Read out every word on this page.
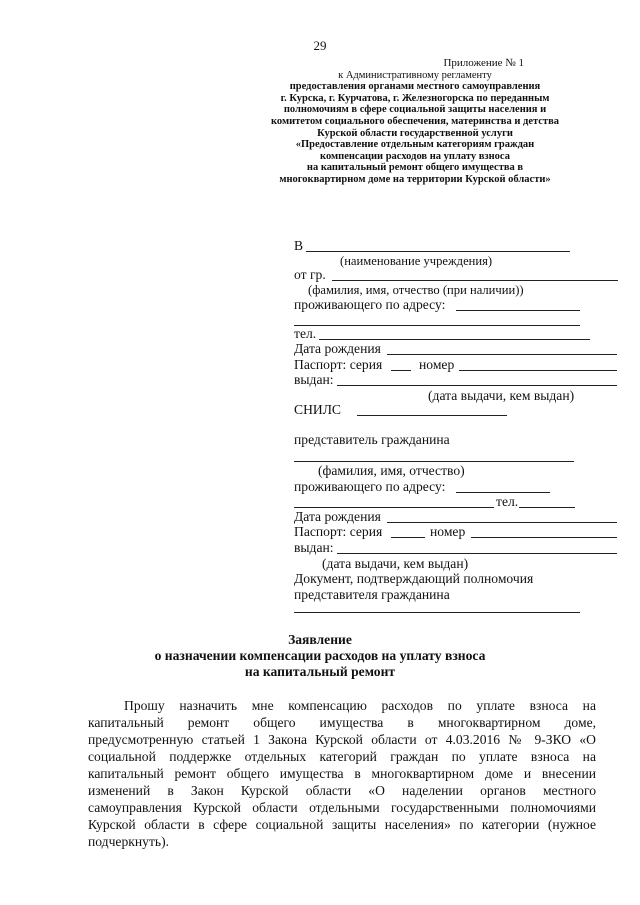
29
Приложение № 1
к Административному регламенту
предоставления органами местного самоуправления
г. Курска, г. Курчатова, г. Железногорска по переданным
полномочиям в сфере социальной защиты населения и
комитетом социального обеспечения, материнства и детства
Курской области государственной услуги
«Предоставление отдельным категориям граждан
компенсации расходов на уплату взноса
на капитальный ремонт общего имущества в
многоквартирном доме на территории Курской области»
В
(наименование учреждения)
от гр.
(фамилия, имя, отчество (при наличии))
проживающего по адресу:
тел.
Дата рождения
Паспорт: серия	номер
выдан:
(дата выдачи, кем выдан)
СНИЛС
представитель гражданина
(фамилия, имя, отчество)
проживающего по адресу:
тел.
Дата рождения
Паспорт: серия	номер
выдан:
(дата выдачи, кем выдан)
Документ, подтверждающий полномочия
представителя гражданина
Заявление
о назначении компенсации расходов на уплату взноса
на капитальный ремонт
Прошу назначить мне компенсацию расходов по уплате взноса на
капитальный ремонт общего имущества в многоквартирном доме,
предусмотренную статьей 1 Закона Курской области от 4.03.2016 № 9-ЗКО «О
социальной поддержке отдельных категорий граждан по уплате взноса на
капитальный ремонт общего имущества в многоквартирном доме и внесении
изменений в Закон Курской области «О наделении органов местного
самоуправления Курской области отдельными государственными полномочиями
Курской области в сфере социальной защиты населения» по категории (нужное
подчеркнуть).
